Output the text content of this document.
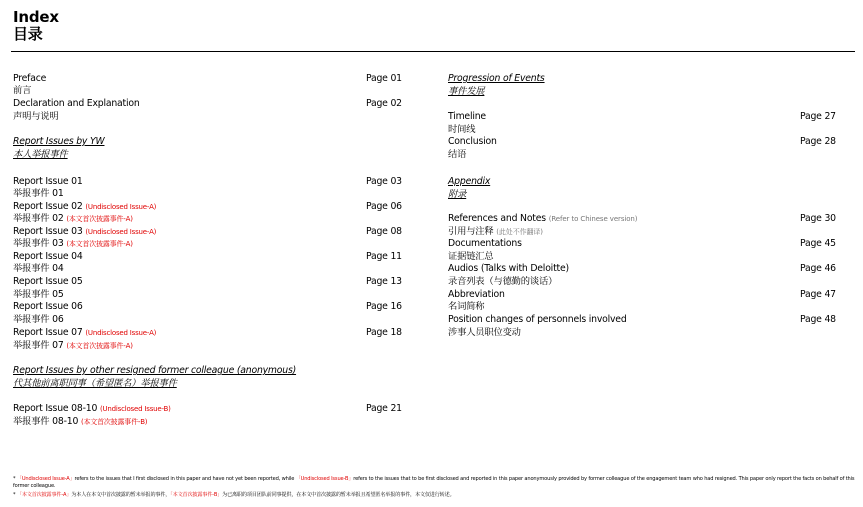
Index
目录
Preface
前言
Page 01
Declaration and Explanation
声明与说明
Page 02
Report Issues by YW
本人举报事件
Report Issue 01
举报事件 01
Page 03
Report Issue 02 (Undisclosed Issue-A)
举报事件 02 (本文首次披露事件-A)
Page 06
Report Issue 03 (Undisclosed Issue-A)
举报事件 03 (本文首次披露事件-A)
Page 08
Report Issue 04
举报事件 04
Page 11
Report Issue 05
举报事件 05
Page 13
Report Issue 06
举报事件 06
Page 16
Report Issue 07 (Undisclosed Issue-A)
举报事件 07 (本文首次披露事件-A)
Page 18
Report Issues by other resigned former colleague (anonymous)
代其他前离职同事（希望匿名）举报事件
Report Issue 08-10 (Undisclosed Issue-B)
举报事件 08-10 (本文首次披露事件-B)
Page 21
Progression of Events
事件发展
Timeline
时间线
Page 27
Conclusion
结语
Page 28
Appendix
附录
References and Notes (Refer to Chinese version)
引用与注释 (此处不作翻译)
Page 30
Documentations
证据链汇总
Page 45
Audios (Talks with Deloitte)
录音列表（与德勤的谈话）
Page 46
Abbreviation
名词简称
Page 47
Position changes of personnels involved
涉事人员职位变动
Page 48
* 「Undisclosed Issue-A」refers to the issues that I first disclosed in this paper and have not yet been reported, while 「Undisclosed Issue-B」refers to the issues that to be first disclosed and reported in this paper anonymously provided by former colleague of the engagement team who had resigned. This paper only report the facts on behalf of this former colleague.
* 「本文首次披露事件-A」为本人在本文中首次披露的暂未举报的事件，「本文首次披露事件-B」为已离职的项目团队前同事提供，在本文中首次披露的暂未举报且希望匿名举报的事件，本文仅进行转述。
